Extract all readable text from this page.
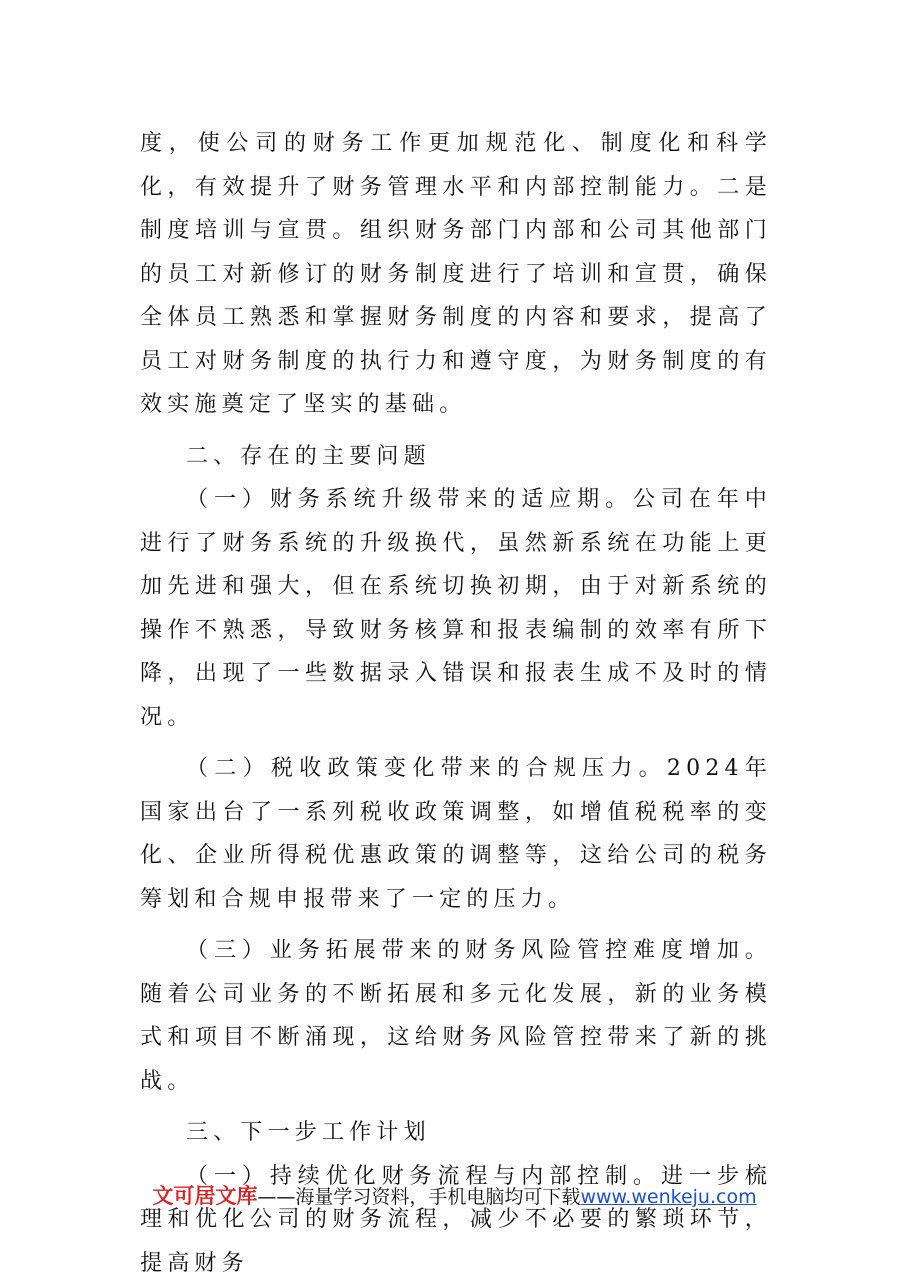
度，使公司的财务工作更加规范化、制度化和科学化，有效提升了财务管理水平和内部控制能力。二是制度培训与宣贯。组织财务部门内部和公司其他部门的员工对新修订的财务制度进行了培训和宣贯，确保全体员工熟悉和掌握财务制度的内容和要求，提高了员工对财务制度的执行力和遵守度，为财务制度的有效实施奠定了坚实的基础。

二、存在的主要问题

（一）财务系统升级带来的适应期。公司在年中进行了财务系统的升级换代，虽然新系统在功能上更加先进和强大，但在系统切换初期，由于对新系统的操作不熟悉，导致财务核算和报表编制的效率有所下降，出现了一些数据录入错误和报表生成不及时的情况。

（二）税收政策变化带来的合规压力。2024年国家出台了一系列税收政策调整，如增值税税率的变化、企业所得税优惠政策的调整等，这给公司的税务筹划和合规申报带来了一定的压力。

（三）业务拓展带来的财务风险管控难度增加。随着公司业务的不断拓展和多元化发展，新的业务模式和项目不断涌现，这给财务风险管控带来了新的挑战。

三、下一步工作计划

（一）持续优化财务流程与内部控制。进一步梳理和优化公司的财务流程，减少不必要的繁琐环节，提高财务

文可居文库——海量学习资料，手机电脑均可下载www.wenkeju.com
